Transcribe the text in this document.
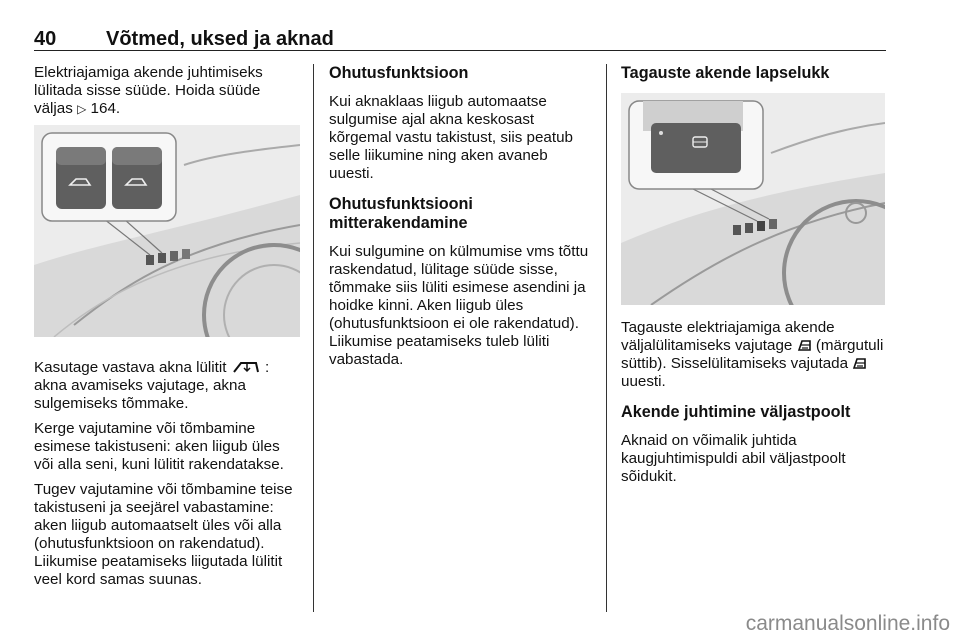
40 Võtmed, uksed ja aknad

Elektriajamiga akende juhtimiseks lülitada sisse süüde. Hoida süüde väljas ▷ 164.

Kasutage vastava akna lülitit	: akna avamiseks vajutage, akna sulgemiseks tõmmake.

Kerge vajutamine või tõmbamine esimese takistuseni: aken liigub üles või alla seni, kuni lülitit rakendatakse.

Tugev vajutamine või tõmbamine teise takistuseni ja seejärel vabastamine: aken liigub automaatselt üles või alla (ohutusfunktsioon on rakendatud). Liikumise peatamiseks liigutada lülitit veel kord samas suunas.

Ohutusfunktsioon

Kui aknaklaas liigub automaatse sulgumise ajal akna keskosast kõrgemal vastu takistust, siis peatub selle liikumine ning aken avaneb uuesti.

Ohutusfunktsiooni mitterakendamine

Kui sulgumine on külmumise vms tõttu raskendatud, lülitage süüde sisse, tõmmake siis lüliti esimese asendini ja hoidke kinni. Aken liigub üles (ohutusfunktsioon ei ole rakendatud). Liikumise peatamiseks tuleb lüliti vabastada.

Tagauste akende lapselukk

Tagauste elektriajamiga akende väljalülitamiseks vajutage (märgutuli süttib). Sisselülitamiseks vajutada  uuesti.

Akende juhtimine väljastpoolt

Aknaid on võimalik juhtida kaugjuhtimispuldi abil väljastpoolt sõidukit.

carmanualsonline.info
